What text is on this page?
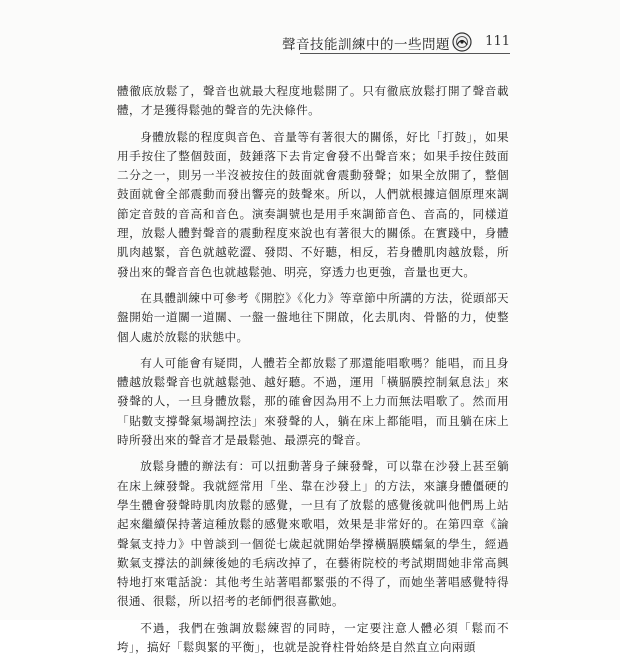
聲音技能訓練中的一些問題	111

體徹底放鬆了，聲音也就最大程度地鬆開了。只有徹底放鬆打開了聲音載體，才是獲得鬆弛的聲音的先決條件。

身體放鬆的程度與音色、音量等有著很大的關係，好比「打鼓」，如果用手按住了整個鼓面，鼓錘落下去肯定會發不出聲音來；如果手按住鼓面二分之一，則另一半沒被按住的鼓面就會震動發聲；如果全放開了，整個鼓面就會全部震動而發出響亮的鼓聲來。所以，人們就根據這個原理來調節定音鼓的音高和音色。演奏調號也是用手來調節音色、音高的，同樣道理，放鬆人體對聲音的震動程度來說也有著很大的關係。在實踐中，身體肌肉越緊，音色就越乾澀、發悶、不好聽，相反，若身體肌肉越放鬆，所發出來的聲音音色也就越鬆弛、明亮，穿透力也更強，音量也更大。

在具體訓練中可參考《開腔》《化力》等章節中所講的方法，從頭部天盤開始一道關一道關、一盤一盤地往下開啟，化去肌肉、骨骼的力，使整個人處於放鬆的狀態中。

有人可能會有疑問，人體若全都放鬆了那還能唱歌嗎？能唱，而且身體越放鬆聲音也就越鬆弛、越好聽。不過，運用「橫膈膜控制氣息法」來發聲的人，一旦身體放鬆，那的確會因為用不上力而無法唱歌了。然而用「貼數支撐聲氣場調控法」來發聲的人，躺在床上都能唱，而且躺在床上時所發出來的聲音才是最鬆弛、最漂亮的聲音。

放鬆身體的辦法有：可以扭動著身子練發聲，可以靠在沙發上甚至躺在床上練發聲。我就經常用「坐、靠在沙發上」的方法，來讓身體僵硬的學生體會發聲時肌肉放鬆的感覺，一旦有了放鬆的感覺後就叫他們馬上站起來繼續保持著這種放鬆的感覺來歌唱，效果是非常好的。在第四章《論聲氣支持力》中曾談到一個從七歲起就開始學撐橫膈膜蠕氣的學生，經過歎氣支撐法的訓練後她的毛病改掉了，在藝術院校的考試期間她非常高興特地打來電話說：其他考生站著唱都緊張的不得了，而她坐著唱感覺特得很通、很鬆，所以招考的老師們很喜歡她。

不過，我們在強調放鬆練習的同時，一定要注意人體必須「鬆而不垮」，搞好「鬆與緊的平衡」，也就是說脊柱骨始終是自然直立向兩頭
